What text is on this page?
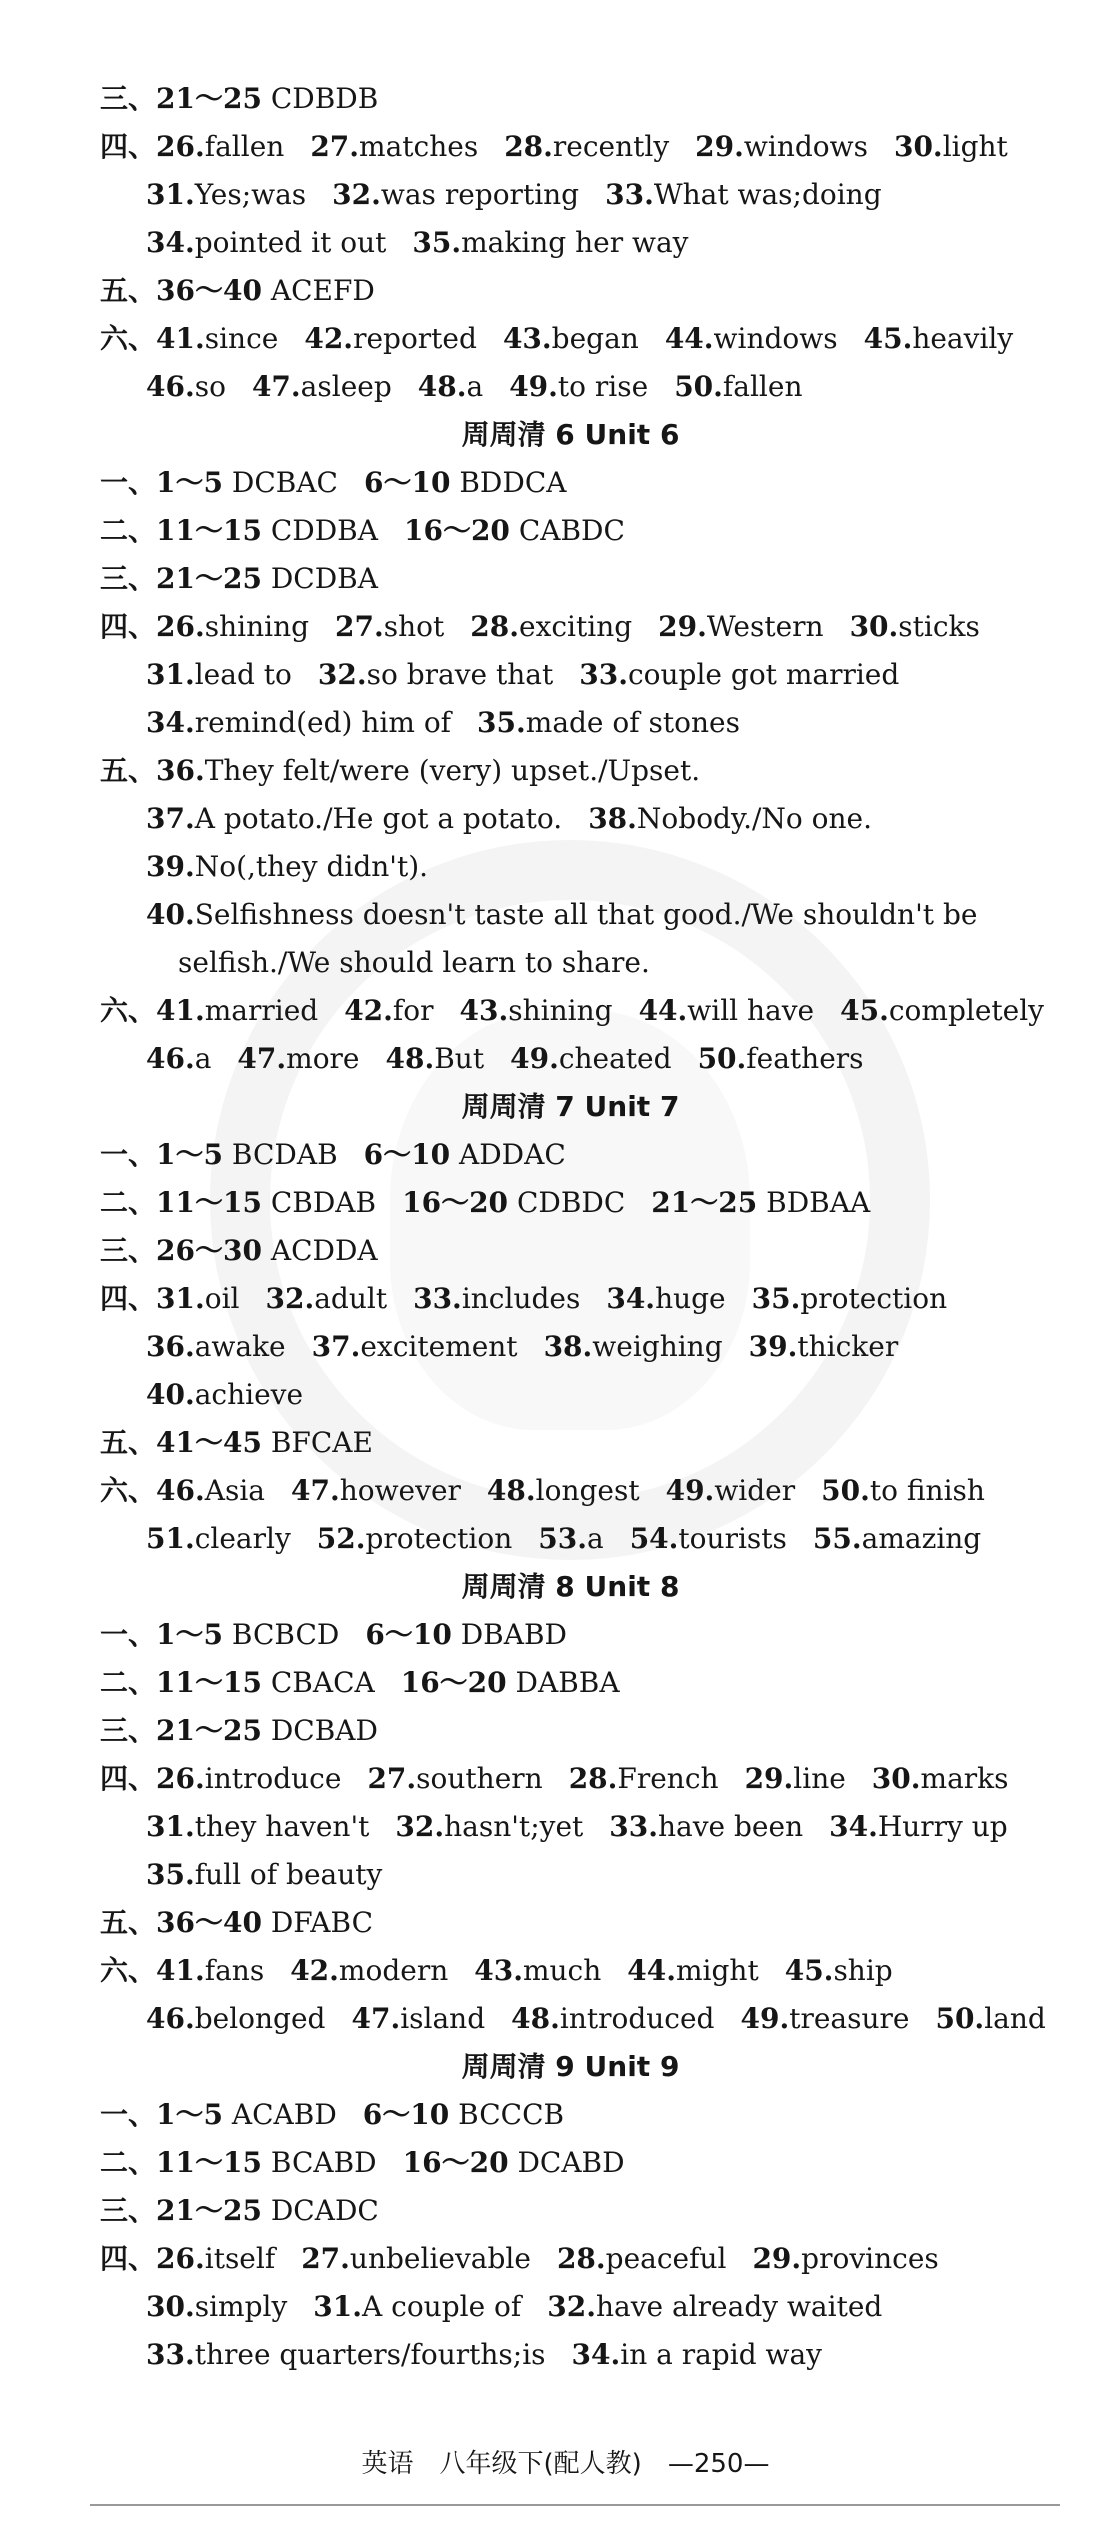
三、21～25 CDBDB
四、26.fallen 27.matches 28.recently 29.windows 30.light
31.Yes;was 32.was reporting 33.What was;doing
34.pointed it out 35.making her way
五、36～40 ACEFD
六、41.since 42.reported 43.began 44.windows 45.heavily
46.so 47.asleep 48.a 49.to rise 50.fallen
周周清 6 Unit 6
一、1～5 DCBAC 6～10 BDDCA
二、11～15 CDDBA 16～20 CABDC
三、21～25 DCDBA
四、26.shining 27.shot 28.exciting 29.Western 30.sticks
31.lead to 32.so brave that 33.couple got married
34.remind(ed) him of 35.made of stones
五、36.They felt/were (very) upset./Upset.
37.A potato./He got a potato. 38.Nobody./No one.
39.No(,they didn't).
40.Selfishness doesn't taste all that good./We shouldn't be
selfish./We should learn to share.
六、41.married 42.for 43.shining 44.will have 45.completely
46.a 47.more 48.But 49.cheated 50.feathers
周周清 7 Unit 7
一、1～5 BCDAB 6～10 ADDAC
二、11～15 CBDAB 16～20 CDBDC 21～25 BDBAA
三、26～30 ACDDA
四、31.oil 32.adult 33.includes 34.huge 35.protection
36.awake 37.excitement 38.weighing 39.thicker
40.achieve
五、41～45 BFCAE
六、46.Asia 47.however 48.longest 49.wider 50.to finish
51.clearly 52.protection 53.a 54.tourists 55.amazing
周周清 8 Unit 8
一、1～5 BCBCD 6～10 DBABD
二、11～15 CBACA 16～20 DABBA
三、21～25 DCBAD
四、26.introduce 27.southern 28.French 29.line 30.marks
31.they haven't 32.hasn't;yet 33.have been 34.Hurry up
35.full of beauty
五、36～40 DFABC
六、41.fans 42.modern 43.much 44.might 45.ship
46.belonged 47.island 48.introduced 49.treasure 50.land
周周清 9 Unit 9
一、1～5 ACABD 6～10 BCCCB
二、11～15 BCABD 16～20 DCABD
三、21～25 DCADC
四、26.itself 27.unbelievable 28.peaceful 29.provinces
30.simply 31.A couple of 32.have already waited
33.three quarters/fourths;is 34.in a rapid way
英语　八年级下(配人教)　—250—
